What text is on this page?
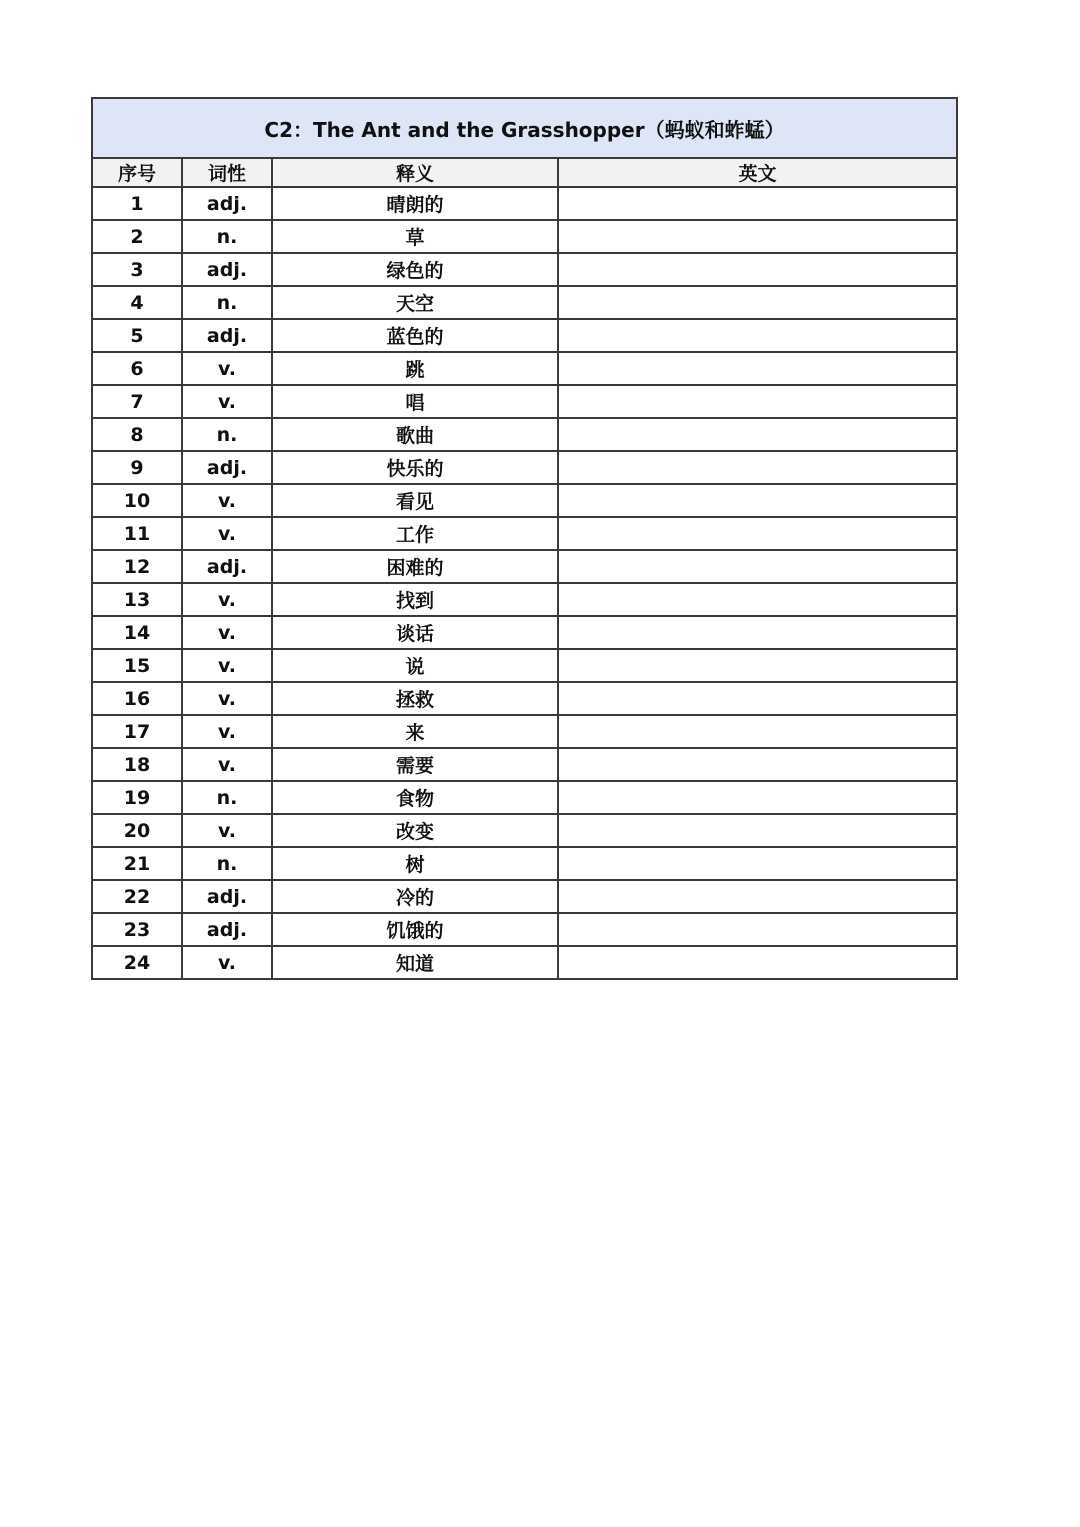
C2：The Ant and the Grasshopper（蚂蚁和蚱蜢）			
序号	词性	释义	英文
1	adj.	晴朗的	
2	n.	草	
3	adj.	绿色的	
4	n.	天空	
5	adj.	蓝色的	
6	v.	跳	
7	v.	唱	
8	n.	歌曲	
9	adj.	快乐的	
10	v.	看见	
11	v.	工作	
12	adj.	困难的	
13	v.	找到	
14	v.	谈话	
15	v.	说	
16	v.	拯救	
17	v.	来	
18	v.	需要	
19	n.	食物	
20	v.	改变	
21	n.	树	
22	adj.	冷的	
23	adj.	饥饿的	
24	v.	知道	
